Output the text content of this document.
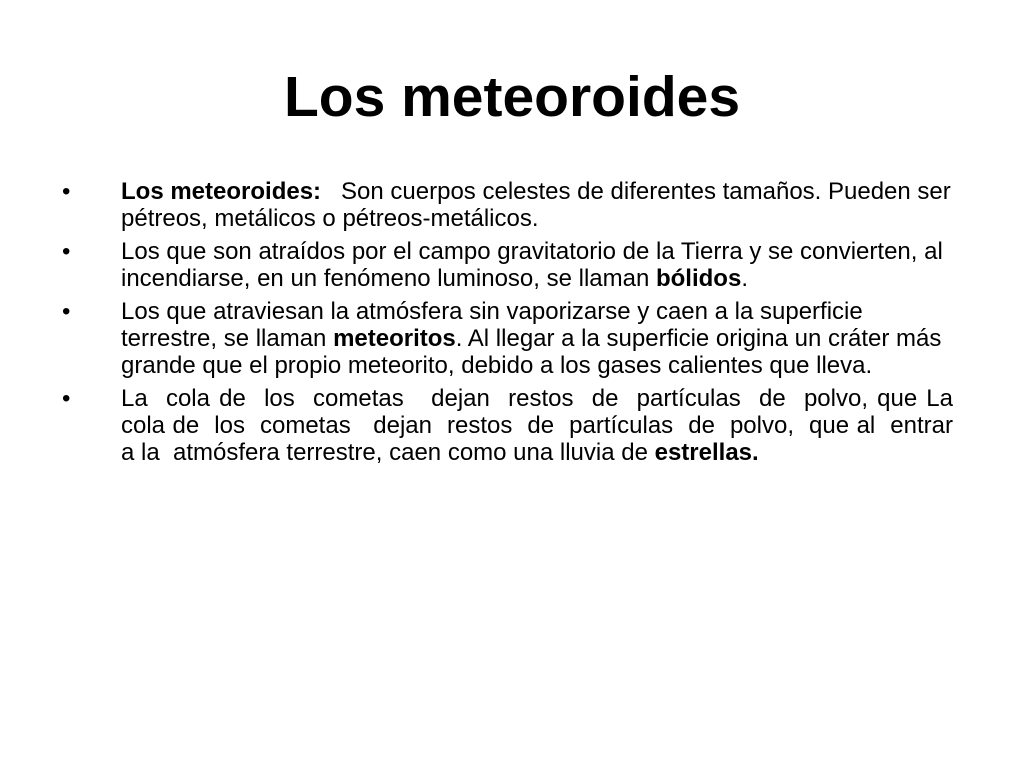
Los meteoroides
• Los meteoroides:   Son cuerpos celestes de diferentes tamaños. Pueden ser pétreos, metálicos o pétreos-metálicos.
• Los que son atraídos por el campo gravitatorio de la Tierra y se convierten, al incendiarse, en un fenómeno luminoso, se llaman bólidos.
• Los que atraviesan la atmósfera sin vaporizarse y caen a la superficie terrestre, se llaman meteoritos. Al llegar a la superficie origina un cráter más grande que el propio meteorito, debido a los gases calientes que lleva.
• La  cola de  los  cometas   dejan  restos  de  partículas  de  polvo, que La   cola de  los  cometas   dejan  restos  de  partículas  de  polvo,  que al  entrar  a la  atmósfera terrestre, caen como una lluvia de estrellas.
